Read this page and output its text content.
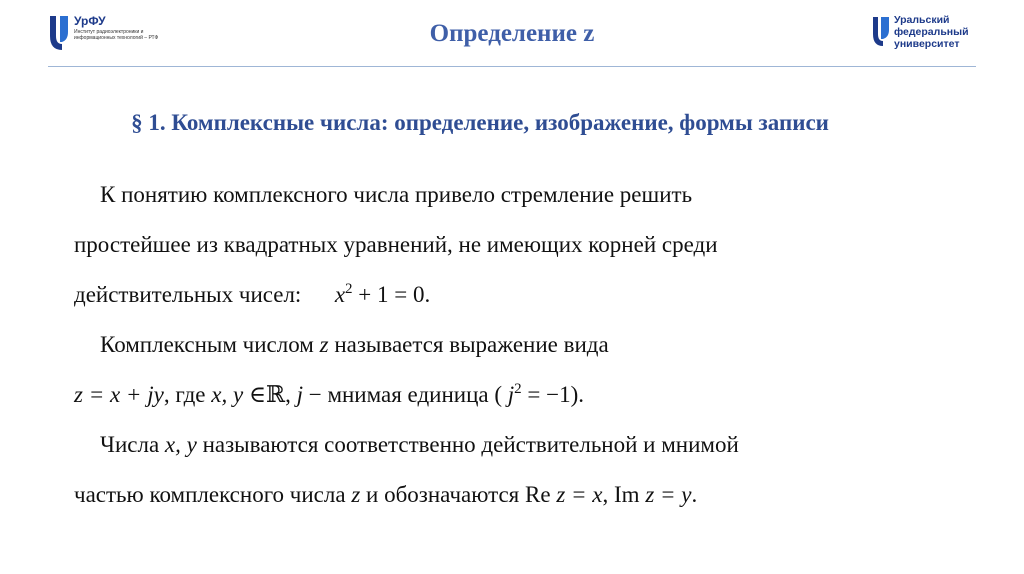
УрФУ
Институт радиоэлектроники и информационных технологий – РТФ	Определение z	Уральский
федеральный
университет
§ 1. Комплексные числа: определение, изображение, формы записи
К понятию комплексного числа привело стремление решить
простейшее из квадратных уравнений, не имеющих корней среди
действительных чисел: $x^2 + 1 = 0$.
Комплексным числом z называется выражение вида
z = x + jy, где x, y ∈ℝ, j − мнимая единица ( $j^2 = -1$).
Числа x, y называются соответственно действительной и мнимой
частью комплексного числа z и обозначаются Re z = x, Im z = y.
